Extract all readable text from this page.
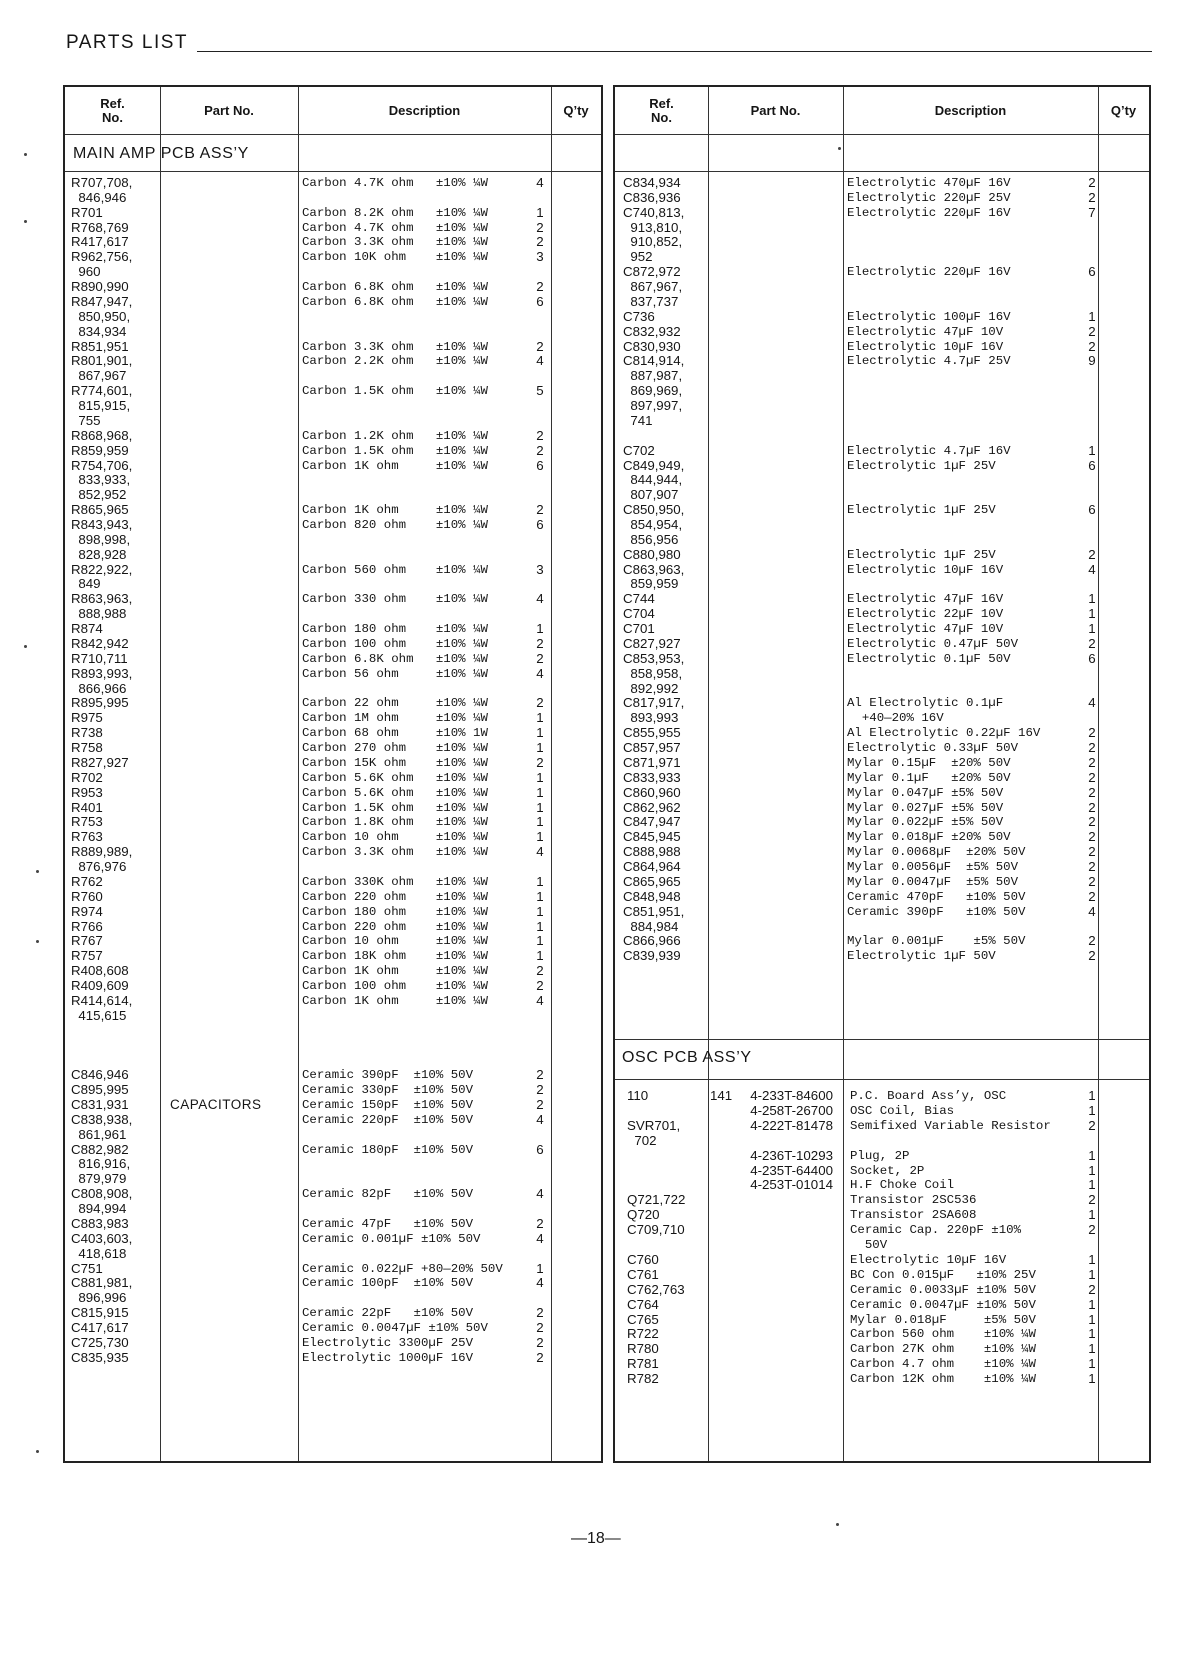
PARTS LIST
Ref.
No.	Part No.	Description	Q’ty
MAIN AMP PCB ASS’Y
R707,708,	Carbon 4.7K ohm   ±10% ¼W	4
846,946
R701	Carbon 8.2K ohm   ±10% ¼W	1
R768,769	Carbon 4.7K ohm   ±10% ¼W	2
R417,617	Carbon 3.3K ohm   ±10% ¼W	2
R962,756,	Carbon 10K ohm    ±10% ¼W	3
960
R890,990	Carbon 6.8K ohm   ±10% ¼W	2
R847,947,	Carbon 6.8K ohm   ±10% ¼W	6
850,950,
834,934
R851,951	Carbon 3.3K ohm   ±10% ¼W	2
R801,901,	Carbon 2.2K ohm   ±10% ¼W	4
867,967
R774,601,	Carbon 1.5K ohm   ±10% ¼W	5
815,915,
755
R868,968,	Carbon 1.2K ohm   ±10% ¼W	2
R859,959	Carbon 1.5K ohm   ±10% ¼W	2
R754,706,	Carbon 1K ohm     ±10% ¼W	6
833,933,
852,952
R865,965	Carbon 1K ohm     ±10% ¼W	2
R843,943,	Carbon 820 ohm    ±10% ¼W	6
898,998,
828,928
R822,922,	Carbon 560 ohm    ±10% ¼W	3
849
R863,963,	Carbon 330 ohm    ±10% ¼W	4
888,988
R874	Carbon 180 ohm    ±10% ¼W	1
R842,942	Carbon 100 ohm    ±10% ¼W	2
R710,711	Carbon 6.8K ohm   ±10% ¼W	2
R893,993,	Carbon 56 ohm     ±10% ¼W	4
866,966
R895,995	Carbon 22 ohm     ±10% ¼W	2
R975	Carbon 1M ohm     ±10% ¼W	1
R738	Carbon 68 ohm     ±10% 1W	1
R758	Carbon 270 ohm    ±10% ¼W	1
R827,927	Carbon 15K ohm    ±10% ¼W	2
R702	Carbon 5.6K ohm   ±10% ¼W	1
R953	Carbon 5.6K ohm   ±10% ¼W	1
R401	Carbon 1.5K ohm   ±10% ¼W	1
R753	Carbon 1.8K ohm   ±10% ¼W	1
R763	Carbon 10 ohm     ±10% ¼W	1
R889,989,	Carbon 3.3K ohm   ±10% ¼W	4
876,976
R762	Carbon 330K ohm   ±10% ¼W	1
R760	Carbon 220 ohm    ±10% ¼W	1
R974	Carbon 180 ohm    ±10% ¼W	1
R766	Carbon 220 ohm    ±10% ¼W	1
R767	Carbon 10 ohm     ±10% ¼W	1
R757	Carbon 18K ohm    ±10% ¼W	1
R408,608	Carbon 1K ohm     ±10% ¼W	2
R409,609	Carbon 100 ohm    ±10% ¼W	2
R414,614,	Carbon 1K ohm     ±10% ¼W	4
415,615
C846,946	Ceramic 390pF  ±10% 50V	2
C895,995	Ceramic 330pF  ±10% 50V	2
C831,931	Ceramic 150pF  ±10% 50V	2
C838,938,	Ceramic 220pF  ±10% 50V	4
861,961
C882,982	Ceramic 180pF  ±10% 50V	6
816,916,
879,979
C808,908,	Ceramic 82pF   ±10% 50V	4
894,994
C883,983	Ceramic 47pF   ±10% 50V	2
C403,603,	Ceramic 0.001µF ±10% 50V	4
418,618
C751	Ceramic 0.022µF +80—20% 50V	1
C881,981,	Ceramic 100pF  ±10% 50V	4
896,996
C815,915	Ceramic 22pF   ±10% 50V	2
C417,617	Ceramic 0.0047µF ±10% 50V	2
C725,730	Electrolytic 3300µF 25V	2
C835,935	Electrolytic 1000µF 16V	2
CAPACITORS
Ref.
No.	Part No.	Description	Q’ty
C834,934	Electrolytic 470µF 16V	2
C836,936	Electrolytic 220µF 25V	2
C740,813,	Electrolytic 220µF 16V	7
913,810,
910,852,
952
C872,972	Electrolytic 220µF 16V	6
867,967,
837,737
C736	Electrolytic 100µF 16V	1
C832,932	Electrolytic 47µF 10V	2
C830,930	Electrolytic 10µF 16V	2
C814,914,	Electrolytic 4.7µF 25V	9
887,987,
869,969,
897,997,
741
C702	Electrolytic 4.7µF 16V	1
C849,949,	Electrolytic 1µF 25V	6
844,944,
807,907
C850,950,	Electrolytic 1µF 25V	6
854,954,
856,956
C880,980	Electrolytic 1µF 25V	2
C863,963,	Electrolytic 10µF 16V	4
859,959
C744	Electrolytic 47µF 16V	1
C704	Electrolytic 22µF 10V	1
C701	Electrolytic 47µF 10V	1
C827,927	Electrolytic 0.47µF 50V	2
C853,953,	Electrolytic 0.1µF 50V	6
858,958,
892,992
C817,917,	Al Electrolytic 0.1µF	4
893,993	+40—20% 16V
C855,955	Al Electrolytic 0.22µF 16V	2
C857,957	Electrolytic 0.33µF 50V	2
C871,971	Mylar 0.15µF  ±20% 50V	2
C833,933	Mylar 0.1µF   ±20% 50V	2
C860,960	Mylar 0.047µF ±5% 50V	2
C862,962	Mylar 0.027µF ±5% 50V	2
C847,947	Mylar 0.022µF ±5% 50V	2
C845,945	Mylar 0.018µF ±20% 50V	2
C888,988	Mylar 0.0068µF  ±20% 50V	2
C864,964	Mylar 0.0056µF  ±5% 50V	2
C865,965	Mylar 0.0047µF  ±5% 50V	2
C848,948	Ceramic 470pF   ±10% 50V	2
C851,951,	Ceramic 390pF   ±10% 50V	4
884,984
C866,966	Mylar 0.001µF    ±5% 50V	2
C839,939	Electrolytic 1µF 50V	2
OSC PCB ASS’Y
110	141 4-233T-84600 P.C. Board Ass’y, OSC	1
4-258T-26700 OSC Coil, Bias	1
SVR701,	4-222T-81478 Semifixed Variable Resistor	2
702
4-236T-10293 Plug, 2P	1
4-235T-64400 Socket, 2P	1
4-253T-01014 H.F Choke Coil	1
Q721,722	Transistor 2SC536	2
Q720	Transistor 2SA608	1
C709,710	Ceramic Cap. 220pF ±10%	2
50V
C760	Electrolytic 10µF 16V	1
C761	BC Con 0.015µF   ±10% 25V	1
C762,763	Ceramic 0.0033µF ±10% 50V	2
C764	Ceramic 0.0047µF ±10% 50V	1
C765	Mylar 0.018µF     ±5% 50V	1
R722	Carbon 560 ohm    ±10% ¼W	1
R780	Carbon 27K ohm    ±10% ¼W	1
R781	Carbon 4.7 ohm    ±10% ¼W	1
R782	Carbon 12K ohm    ±10% ¼W	1
—18—
